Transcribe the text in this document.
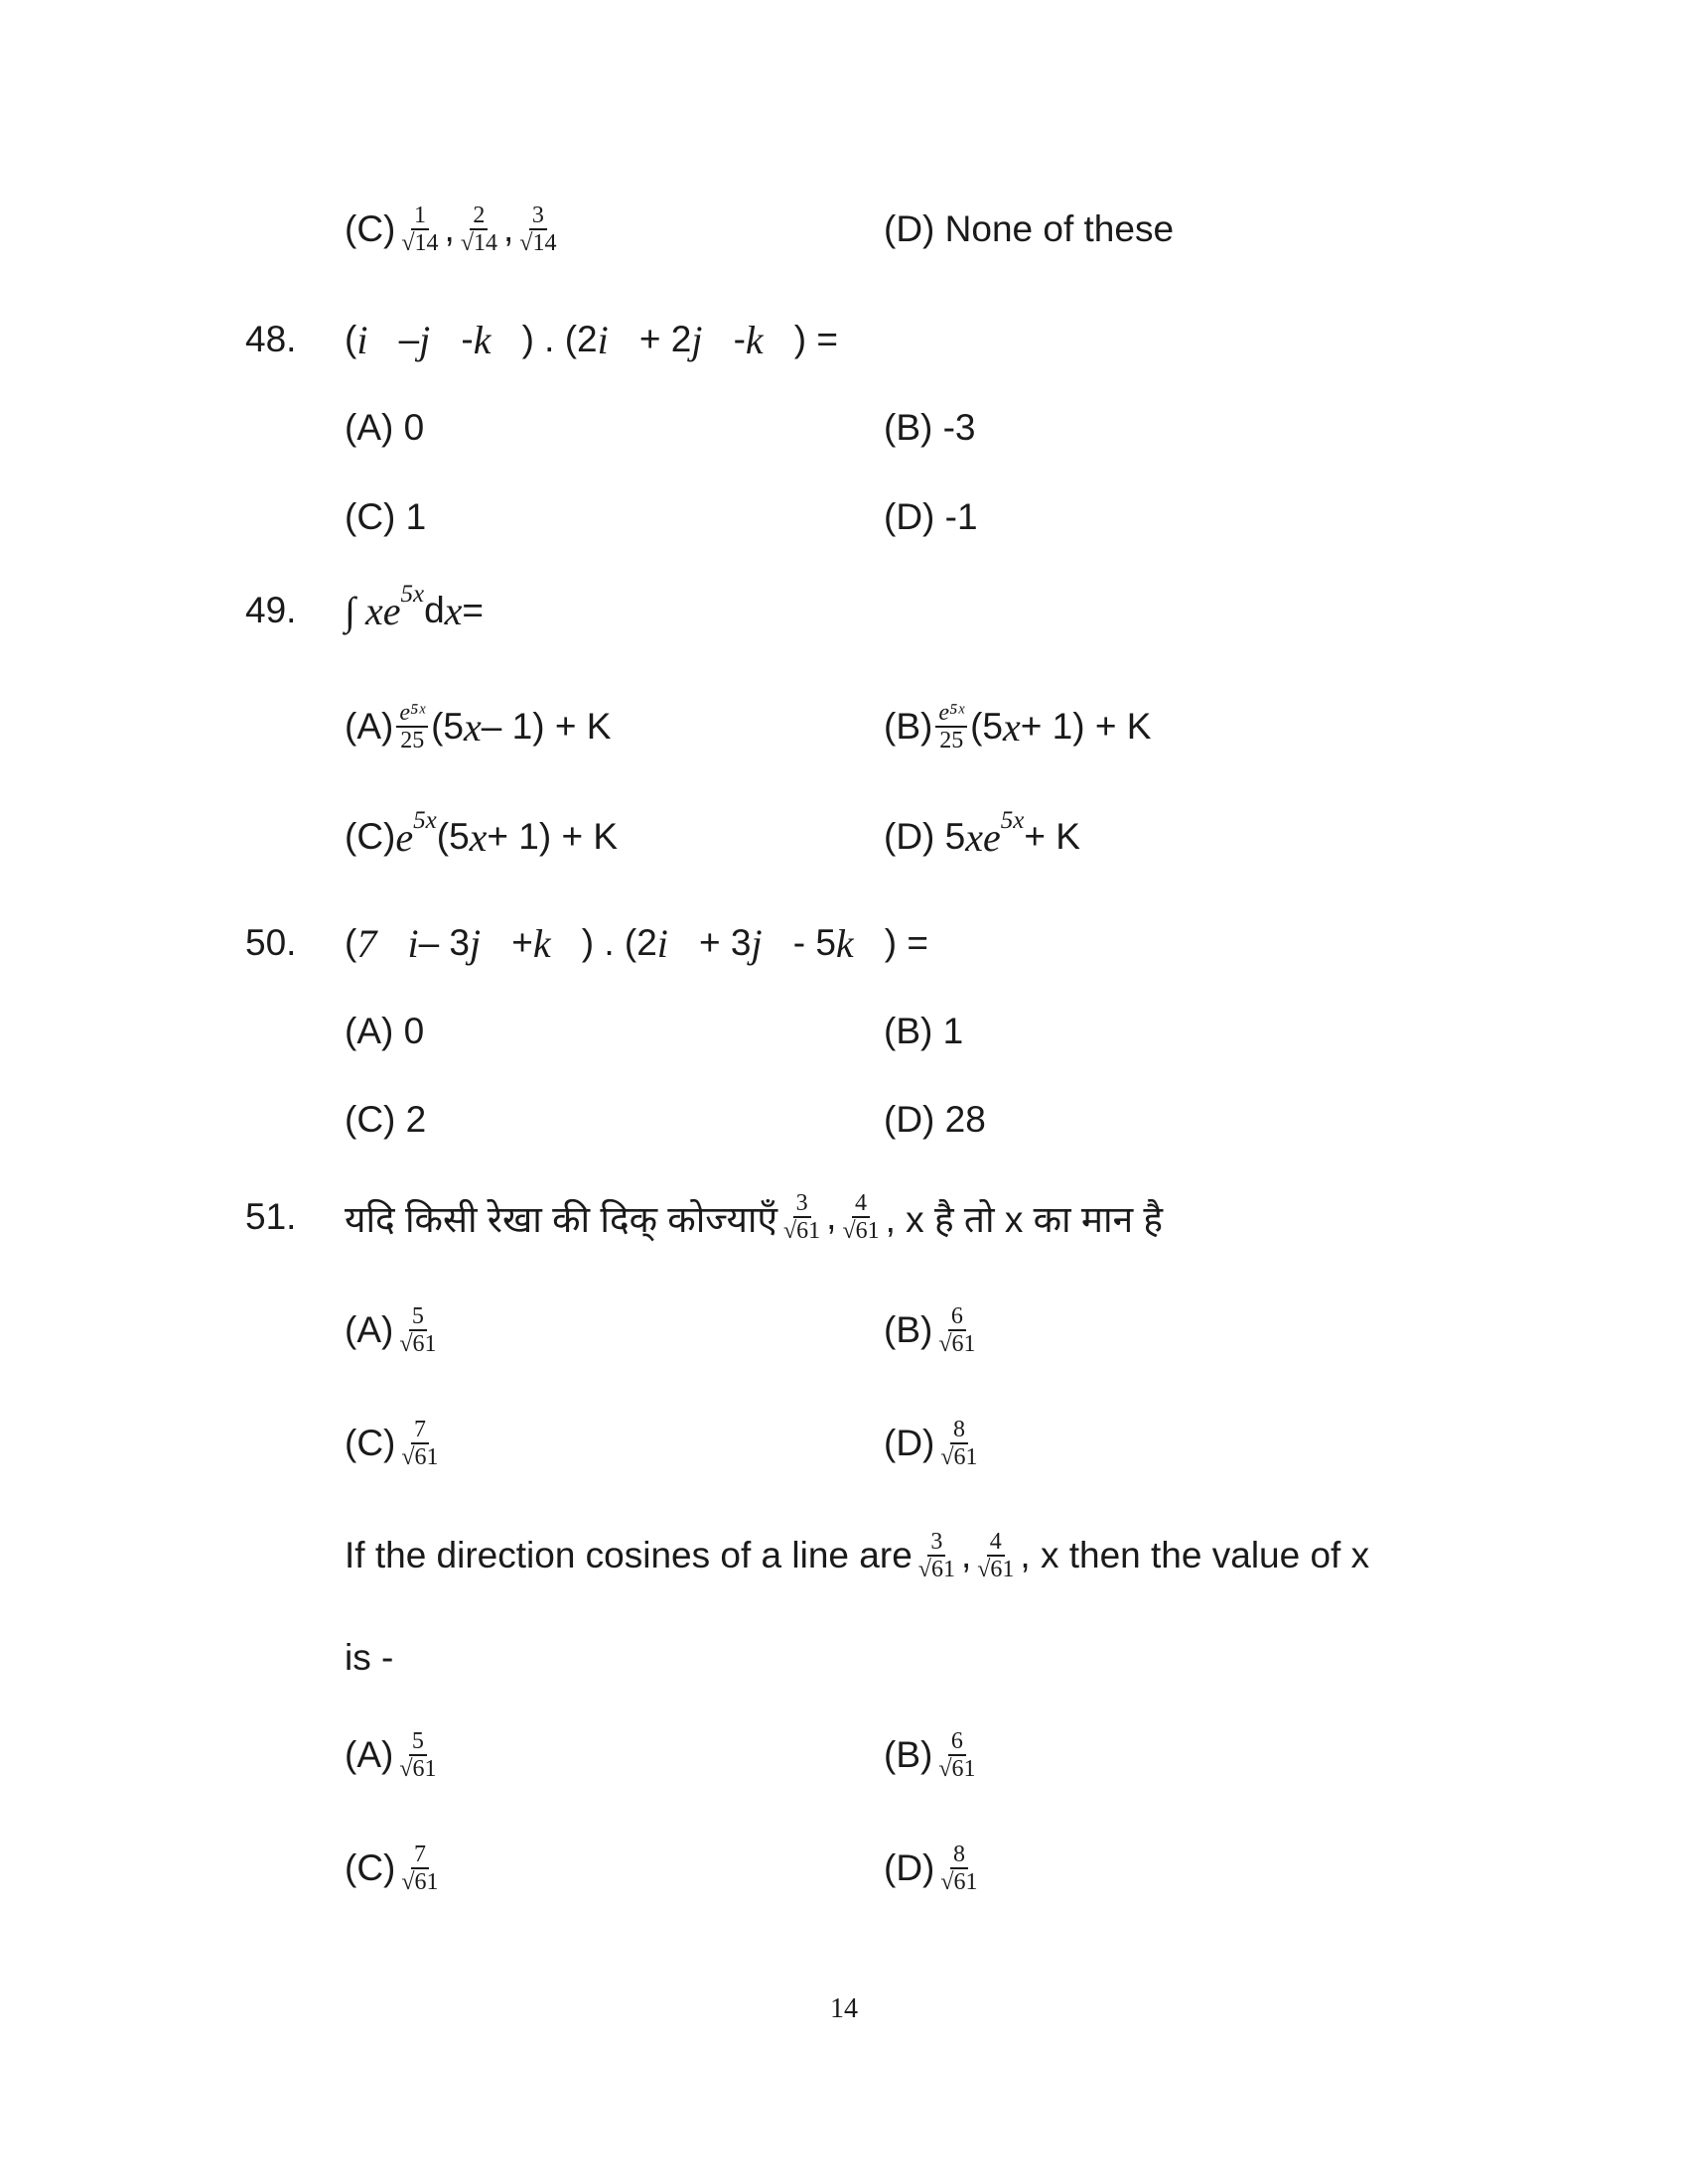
$(C) \frac{1}{√14}$ , $\frac{2}{√14}$ , $\frac{3}{√14}$	(D) None of these
48. ( i⃗ – j⃗ - k⃗ ) . (2 i⃗ + 2 j⃗ - k⃗ ) =
(A) 0	(B) -3
(C) 1	(D) -1
49. ∫ xe 5x d x =
$(A) \frac{\text{e⁵ˣ}}{25} (5$ x – 1) + K	$(B) \frac{\text{e⁵ˣ}}{25} (5$ x + 1) + K
(C) e 5x (5 x + 1) + K	(D) 5 xe 5x + K
50. ( 7⃗i – 3 j⃗ + k⃗ ) . (2 i⃗ + 3 j⃗ - 5 k⃗ ) =
(A) 0	(B) 1
(C) 2	(D) 28
51. यदि किसी रेखा की दिक् कोज्याएँ $\frac{3}{√61}$ , $\frac{4}{√61}$ , x है तो x का मान है
$(A) \frac{5}{√61}$	$(B) \frac{6}{√61}$
$(C) \frac{7}{√61}$	$(D) \frac{8}{√61}$
If the direction cosines of a line are $\frac{3}{√61}$ , $\frac{4}{√61}$ , x then the value of x
is -
$(A) \frac{5}{√61}$	$(B) \frac{6}{√61}$
$(C) \frac{7}{√61}$	$(D) \frac{8}{√61}$
14
